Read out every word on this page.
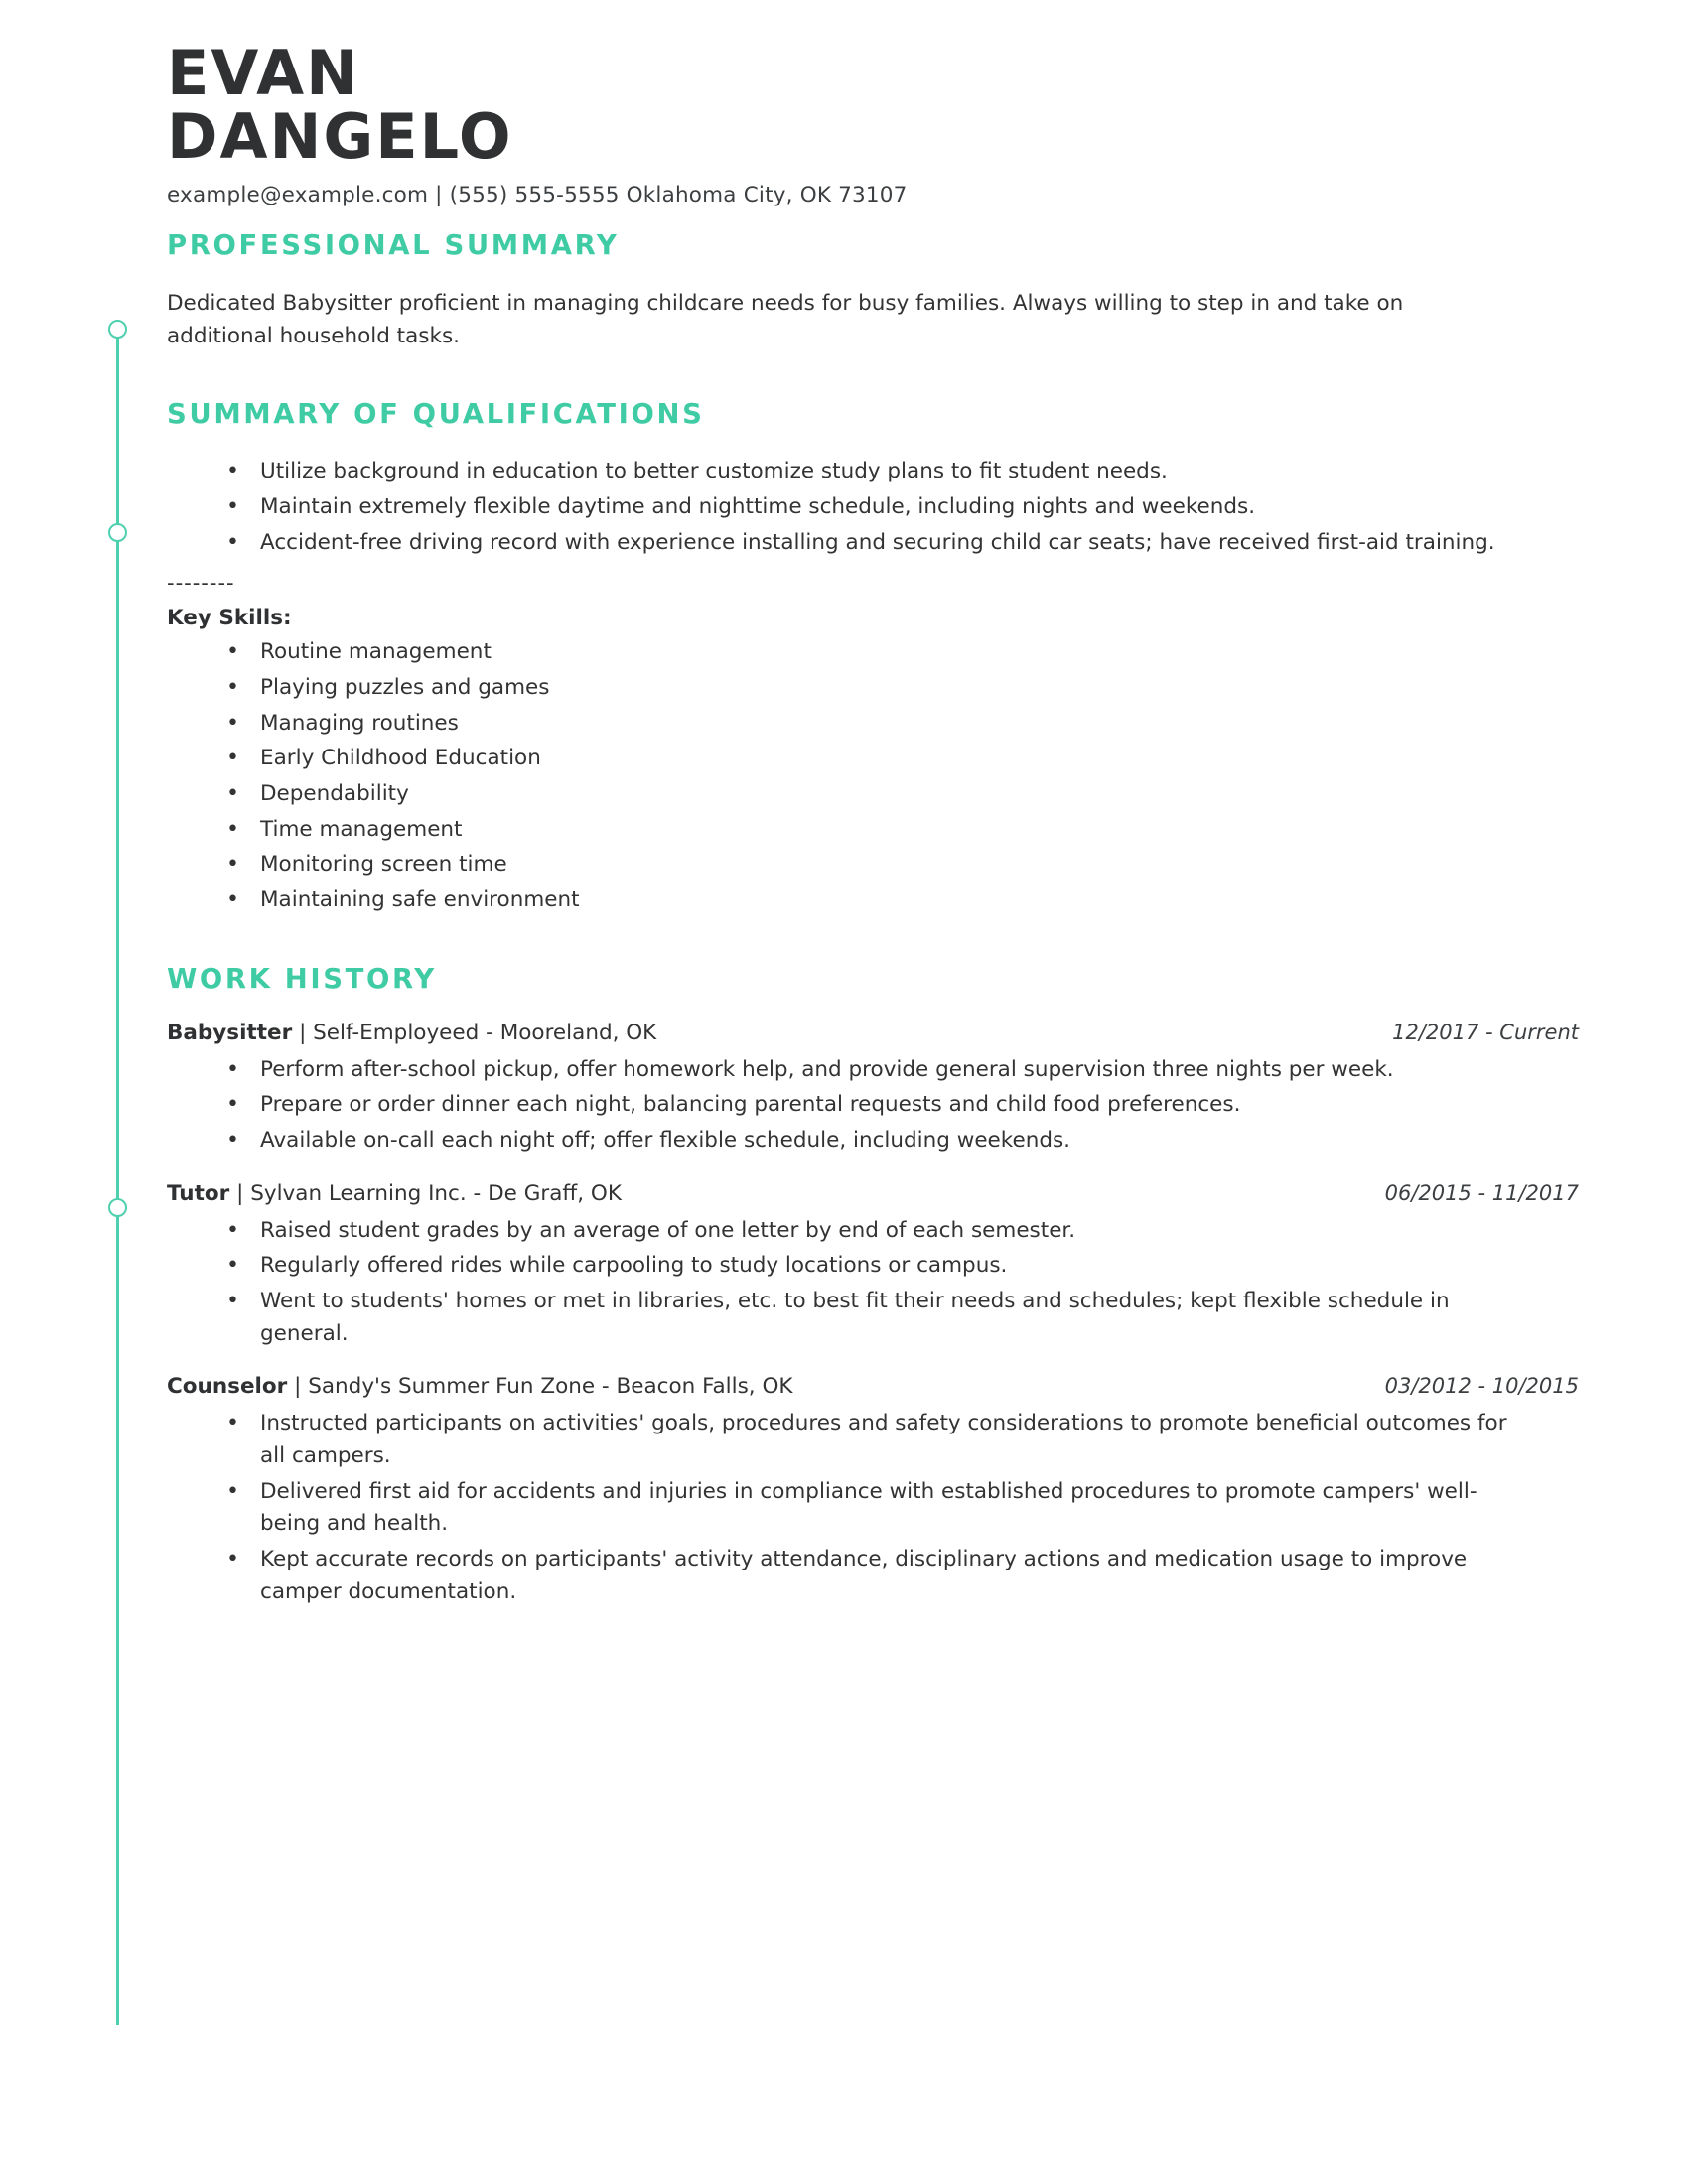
EVAN
DANGELO
example@example.com | (555) 555-5555 Oklahoma City, OK 73107
PROFESSIONAL SUMMARY

Dedicated Babysitter proficient in managing childcare needs for busy families. Always willing to step in and take on additional household tasks.

SUMMARY OF QUALIFICATIONS
• Utilize background in education to better customize study plans to fit student needs.
• Maintain extremely flexible daytime and nighttime schedule, including nights and weekends.
• Accident-free driving record with experience installing and securing child car seats; have received first-aid training.
--------
Key Skills:
• Routine management
• Playing puzzles and games
• Managing routines
• Early Childhood Education
• Dependability
• Time management
• Monitoring screen time
• Maintaining safe environment
WORK HISTORY
Babysitter | Self-Employeed - Mooreland, OK	12/2017 - Current
• Perform after-school pickup, offer homework help, and provide general supervision three nights per week.
• Prepare or order dinner each night, balancing parental requests and child food preferences.
• Available on-call each night off; offer flexible schedule, including weekends.
Tutor | Sylvan Learning Inc. - De Graff, OK	06/2015 - 11/2017
• Raised student grades by an average of one letter by end of each semester.
• Regularly offered rides while carpooling to study locations or campus.
• Went to students' homes or met in libraries, etc. to best fit their needs and schedules; kept flexible schedule in general.
Counselor | Sandy's Summer Fun Zone - Beacon Falls, OK	03/2012 - 10/2015
• Instructed participants on activities' goals, procedures and safety considerations to promote beneficial outcomes for all campers.
• Delivered first aid for accidents and injuries in compliance with established procedures to promote campers' well-being and health.
• Kept accurate records on participants' activity attendance, disciplinary actions and medication usage to improve camper documentation.
